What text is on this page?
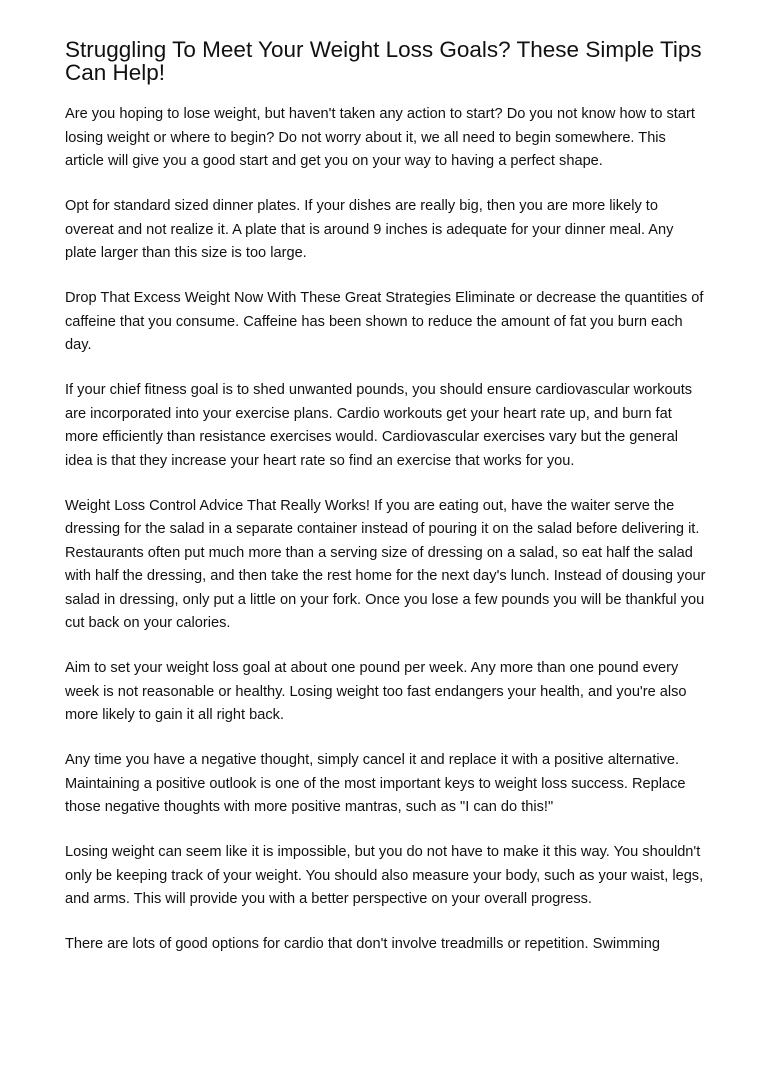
Struggling To Meet Your Weight Loss Goals? These Simple Tips Can Help!

Are you hoping to lose weight, but haven't taken any action to start? Do you not know how to start losing weight or where to begin? Do not worry about it, we all need to begin somewhere. This article will give you a good start and get you on your way to having a perfect shape.

Opt for standard sized dinner plates. If your dishes are really big, then you are more likely to overeat and not realize it. A plate that is around 9 inches is adequate for your dinner meal. Any plate larger than this size is too large.

Drop That Excess Weight Now With These Great Strategies Eliminate or decrease the quantities of caffeine that you consume. Caffeine has been shown to reduce the amount of fat you burn each day.

If your chief fitness goal is to shed unwanted pounds, you should ensure cardiovascular workouts are incorporated into your exercise plans. Cardio workouts get your heart rate up, and burn fat more efficiently than resistance exercises would. Cardiovascular exercises vary but the general idea is that they increase your heart rate so find an exercise that works for you.

Weight Loss Control Advice That Really Works! If you are eating out, have the waiter serve the dressing for the salad in a separate container instead of pouring it on the salad before delivering it. Restaurants often put much more than a serving size of dressing on a salad, so eat half the salad with half the dressing, and then take the rest home for the next day's lunch. Instead of dousing your salad in dressing, only put a little on your fork. Once you lose a few pounds you will be thankful you cut back on your calories.

Aim to set your weight loss goal at about one pound per week. Any more than one pound every week is not reasonable or healthy. Losing weight too fast endangers your health, and you're also more likely to gain it all right back.

Any time you have a negative thought, simply cancel it and replace it with a positive alternative. Maintaining a positive outlook is one of the most important keys to weight loss success. Replace those negative thoughts with more positive mantras, such as "I can do this!"

Losing weight can seem like it is impossible, but you do not have to make it this way. You shouldn't only be keeping track of your weight. You should also measure your body, such as your waist, legs, and arms. This will provide you with a better perspective on your overall progress.

There are lots of good options for cardio that don't involve treadmills or repetition. Swimming
